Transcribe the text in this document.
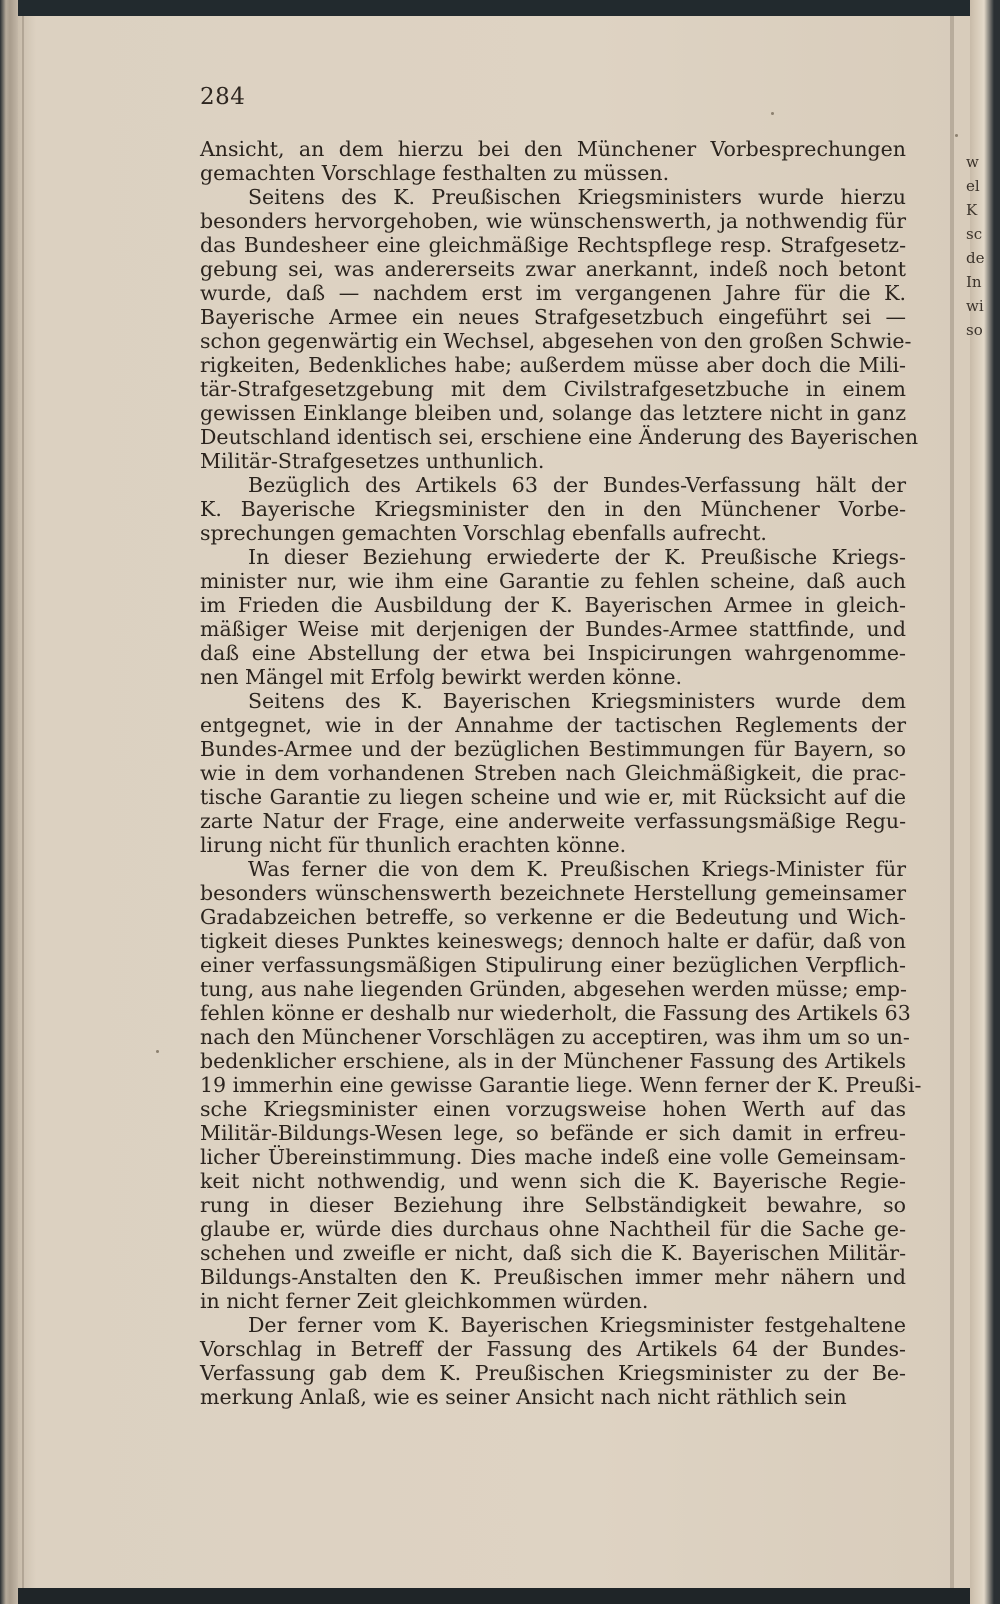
w
el
K
sc
de
In
wi
so
284
Ansicht, an dem hierzu bei den Münchener Vorbesprechungen
gemachten Vorschlage festhalten zu müssen.
Seitens des K. Preußischen Kriegsministers wurde hierzu
besonders hervorgehoben, wie wünschenswerth, ja nothwendig für
das Bundesheer eine gleichmäßige Rechtspflege resp. Strafgesetz-
gebung sei, was andererseits zwar anerkannt, indeß noch betont
wurde, daß — nachdem erst im vergangenen Jahre für die K.
Bayerische Armee ein neues Strafgesetzbuch eingeführt sei —
schon gegenwärtig ein Wechsel, abgesehen von den großen Schwie-
rigkeiten, Bedenkliches habe; außerdem müsse aber doch die Mili-
tär-Strafgesetzgebung mit dem Civilstrafgesetzbuche in einem
gewissen Einklange bleiben und, solange das letztere nicht in ganz
Deutschland identisch sei, erschiene eine Änderung des Bayerischen
Militär-Strafgesetzes unthunlich.
Bezüglich des Artikels 63 der Bundes-Verfassung hält der
K. Bayerische Kriegsminister den in den Münchener Vorbe-
sprechungen gemachten Vorschlag ebenfalls aufrecht.
In dieser Beziehung erwiederte der K. Preußische Kriegs-
minister nur, wie ihm eine Garantie zu fehlen scheine, daß auch
im Frieden die Ausbildung der K. Bayerischen Armee in gleich-
mäßiger Weise mit derjenigen der Bundes-Armee stattfinde, und
daß eine Abstellung der etwa bei Inspicirungen wahrgenomme-
nen Mängel mit Erfolg bewirkt werden könne.
Seitens des K. Bayerischen Kriegsministers wurde dem
entgegnet, wie in der Annahme der tactischen Reglements der
Bundes-Armee und der bezüglichen Bestimmungen für Bayern, so
wie in dem vorhandenen Streben nach Gleichmäßigkeit, die prac-
tische Garantie zu liegen scheine und wie er, mit Rücksicht auf die
zarte Natur der Frage, eine anderweite verfassungsmäßige Regu-
lirung nicht für thunlich erachten könne.
Was ferner die von dem K. Preußischen Kriegs-Minister für
besonders wünschenswerth bezeichnete Herstellung gemeinsamer
Gradabzeichen betreffe, so verkenne er die Bedeutung und Wich-
tigkeit dieses Punktes keineswegs; dennoch halte er dafür, daß von
einer verfassungsmäßigen Stipulirung einer bezüglichen Verpflich-
tung, aus nahe liegenden Gründen, abgesehen werden müsse; emp-
fehlen könne er deshalb nur wiederholt, die Fassung des Artikels 63
nach den Münchener Vorschlägen zu acceptiren, was ihm um so un-
bedenklicher erschiene, als in der Münchener Fassung des Artikels
19 immerhin eine gewisse Garantie liege. Wenn ferner der K. Preußi-
sche Kriegsminister einen vorzugsweise hohen Werth auf das
Militär-Bildungs-Wesen lege, so befände er sich damit in erfreu-
licher Übereinstimmung. Dies mache indeß eine volle Gemeinsam-
keit nicht nothwendig, und wenn sich die K. Bayerische Regie-
rung in dieser Beziehung ihre Selbständigkeit bewahre, so
glaube er, würde dies durchaus ohne Nachtheil für die Sache ge-
schehen und zweifle er nicht, daß sich die K. Bayerischen Militär-
Bildungs-Anstalten den K. Preußischen immer mehr nähern und
in nicht ferner Zeit gleichkommen würden.
Der ferner vom K. Bayerischen Kriegsminister festgehaltene
Vorschlag in Betreff der Fassung des Artikels 64 der Bundes-
Verfassung gab dem K. Preußischen Kriegsminister zu der Be-
merkung Anlaß, wie es seiner Ansicht nach nicht räthlich sein
